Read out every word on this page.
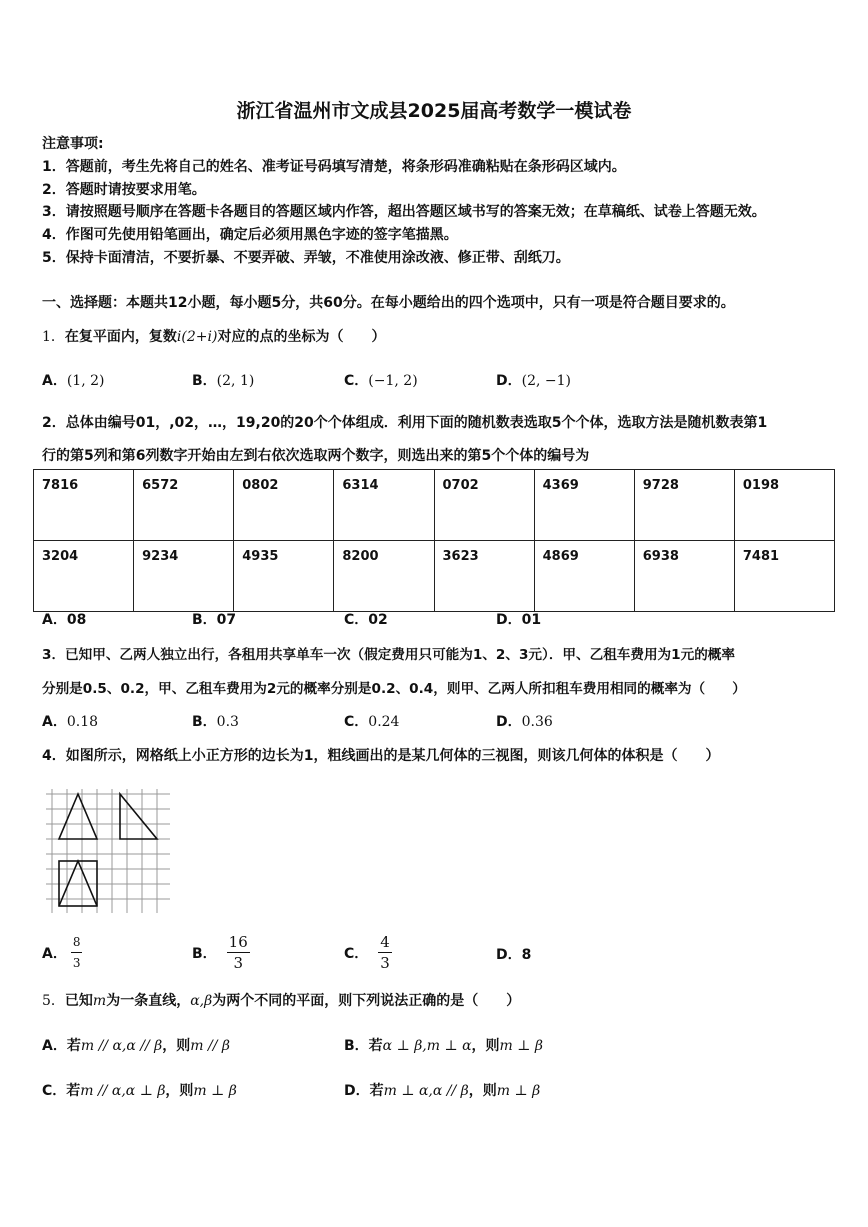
浙江省温州市文成县2025届高考数学一模试卷
注意事项:
1．答题前，考生先将自己的姓名、准考证号码填写清楚，将条形码准确粘贴在条形码区域内。
2．答题时请按要求用笔。
3．请按照题号顺序在答题卡各题目的答题区域内作答，超出答题区域书写的答案无效；在草稿纸、试卷上答题无效。
4．作图可先使用铅笔画出，确定后必须用黑色字迹的签字笔描黑。
5．保持卡面清洁，不要折暴、不要弄破、弄皱，不准使用涂改液、修正带、刮纸刀。
一、选择题：本题共12小题，每小题5分，共60分。在每小题给出的四个选项中，只有一项是符合题目要求的。
1．在复平面内，复数i(2+i)对应的点的坐标为（　　）
A．(1, 2)	B．(2, 1)	C．(−1, 2)	D．(2, −1)
2．总体由编号01，,02，…，19,20的20个个体组成．利用下面的随机数表选取5个个体，选取方法是随机数表第1
行的第5列和第6列数字开始由左到右依次选取两个数字，则选出来的第5个个体的编号为
7816	6572	0802	6314	0702	4369	9728	0198
3204	9234	4935	8200	3623	4869	6938	7481
A．08	B．07	C．02	D．01
3．已知甲、乙两人独立出行，各租用共享单车一次（假定费用只可能为1、2、3元）．甲、乙租车费用为1元的概率
分别是0.5、0.2，甲、乙租车费用为2元的概率分别是0.2、0.4，则甲、乙两人所扣租车费用相同的概率为（　　）
A．0.18	B．0.3	C．0.24	D．0.36
4．如图所示，网格纸上小正方形的边长为1，粗线画出的是某几何体的三视图，则该几何体的体积是（　　）
A． $\frac{8}{3}$	B． $\frac{16}{3}$	C． $\frac{4}{3}$	D．8
5．已知m为一条直线，α,β为两个不同的平面，则下列说法正确的是（　　）
A．若m // α,α // β，则m // β	B．若α ⊥ β,m ⊥ α，则m ⊥ β
C．若m // α,α ⊥ β，则m ⊥ β	D．若m ⊥ α,α // β，则m ⊥ β
